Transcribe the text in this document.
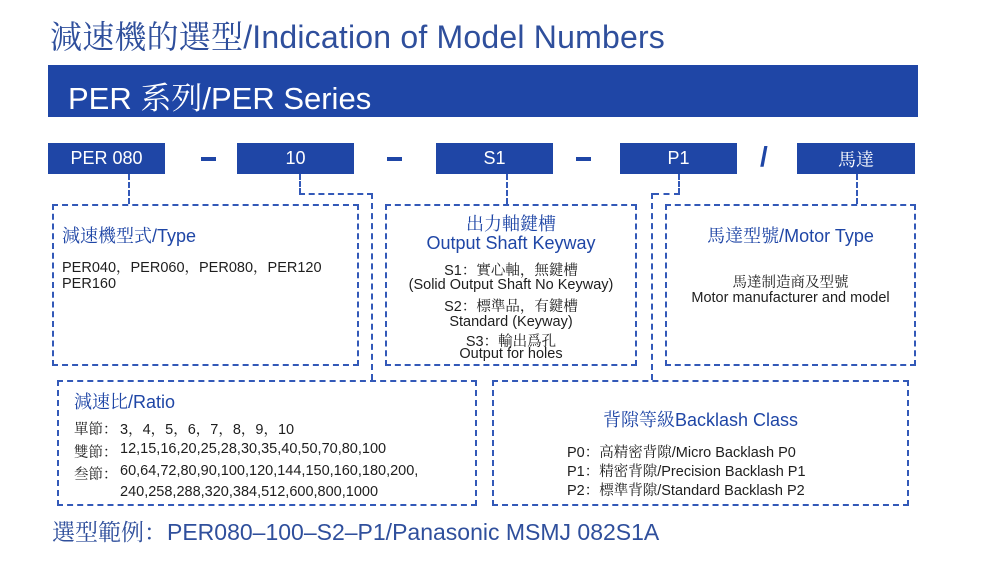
減速機的選型/Indication of Model Numbers
PER 系列/PER Series
PER 080	10	S1	P1	/	馬達
減速機型式/Type
PER040，PER060，PER080，PER120
PER160
出力軸鍵槽
Output Shaft Keyway
S1：實心軸，無鍵槽
(Solid Output Shaft No Keyway)
S2：標準品，有鍵槽
Standard (Keyway)
S3：輸出爲孔
Output for holes
馬達型號/Motor Type
馬達制造商及型號
Motor manufacturer and model
減速比/Ratio
單節： 3，4，5，6，7，8，9，10
雙節： 12,15,16,20,25,28,30,35,40,50,70,80,100
叁節： 60,64,72,80,90,100,120,144,150,160,180,200,
240,258,288,320,384,512,600,800,1000
背隙等級Backlash Class
P0：高精密背隙/Micro Backlash P0
P1：精密背隙/Precision Backlash P1
P2：標準背隙/Standard Backlash P2
選型範例：PER080–100–S2–P1/Panasonic MSMJ 082S1A
